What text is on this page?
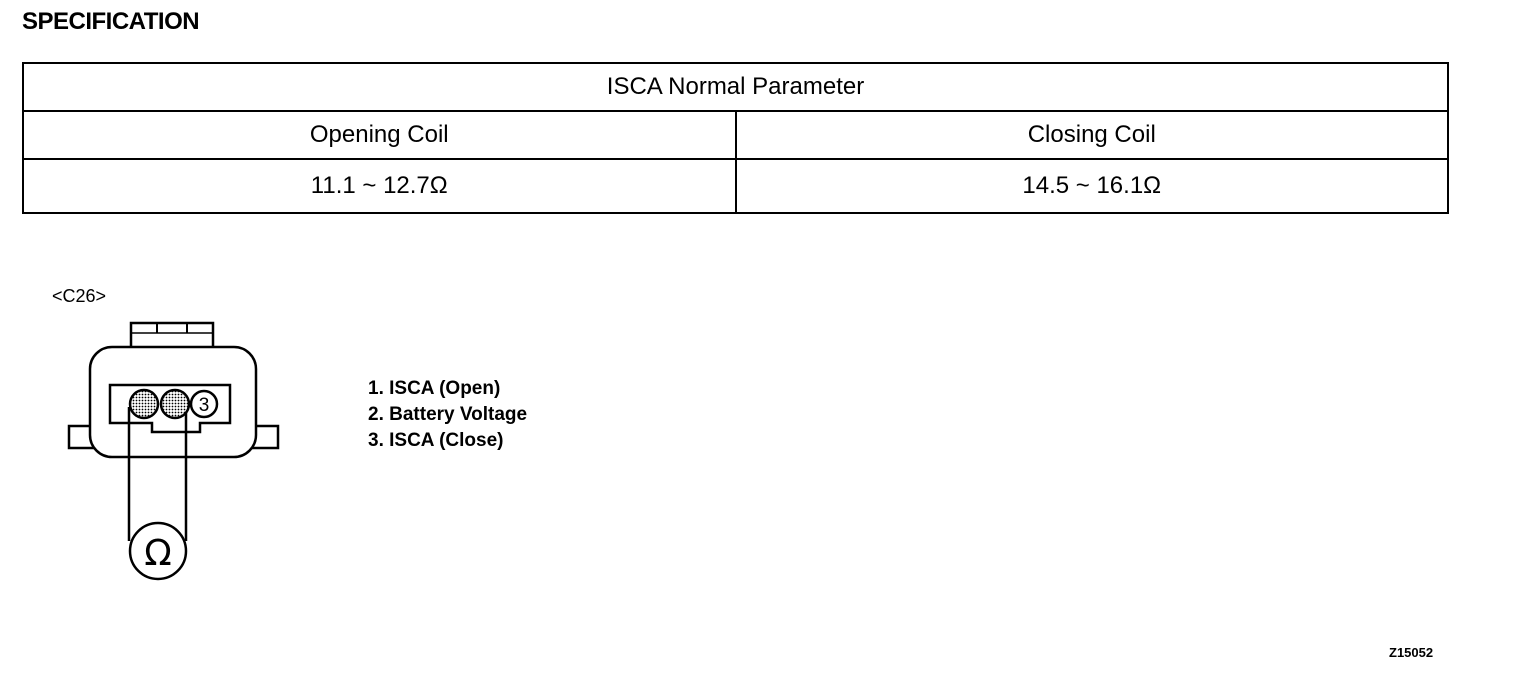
SPECIFICATION
ISCA Normal Parameter	
Opening Coil	Closing Coil
11.1 ~ 12.7Ω	14.5 ~ 16.1Ω
<C26>
3
Ω
1. ISCA (Open)
2. Battery Voltage
3. ISCA (Close)
Z15052
